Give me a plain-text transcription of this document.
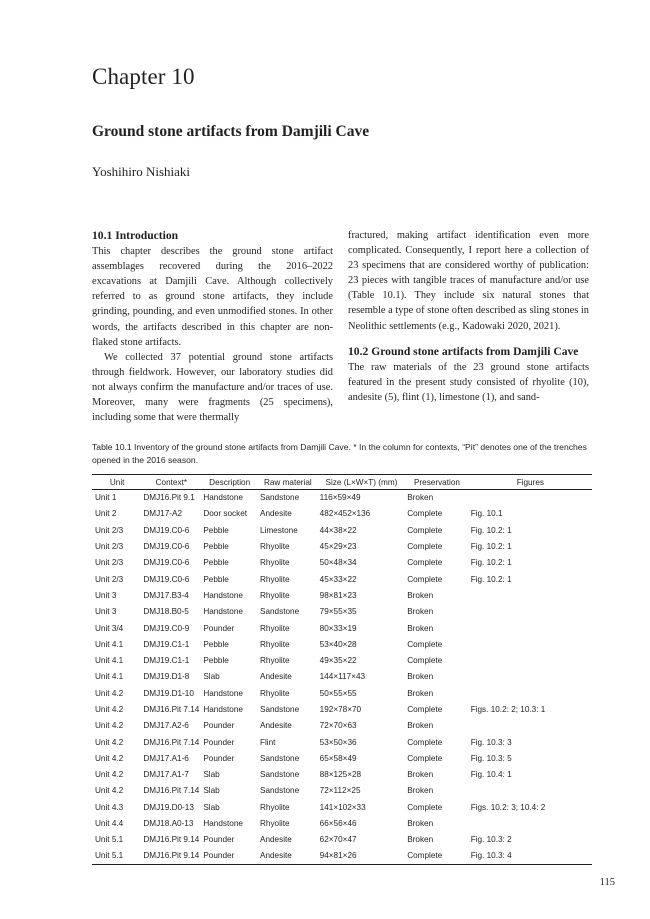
Chapter 10
Ground stone artifacts from Damjili Cave
Yoshihiro Nishiaki
10.1 Introduction

This chapter describes the ground stone artifact assemblages recovered during the 2016–2022 excavations at Damjili Cave. Although collectively referred to as ground stone artifacts, they include grinding, pounding, and even unmodified stones. In other words, the artifacts described in this chapter are non-flaked stone artifacts.

We collected 37 potential ground stone artifacts through fieldwork. However, our laboratory studies did not always confirm the manufacture and/or traces of use. Moreover, many were fragments (25 specimens), including some that were thermally

fractured, making artifact identification even more complicated. Consequently, I report here a collection of 23 specimens that are considered worthy of publication: 23 pieces with tangible traces of manufacture and/or use (Table 10.1). They include six natural stones that resemble a type of stone often described as sling stones in Neolithic settlements (e.g., Kadowaki 2020, 2021).

10.2 Ground stone artifacts from Damjili Cave

The raw materials of the 23 ground stone artifacts featured in the present study consisted of rhyolite (10), andesite (5), flint (1), limestone (1), and sand-

Table 10.1 Inventory of the ground stone artifacts from Damjili Cave. * In the column for contexts, “Pit” denotes one of the trenches opened in the 2016 season.
Unit	Context*	Description	Raw material	Size (L×W×T) (mm)	Preservation	Figures
Unit 1	DMJ16.Pit 9.1	Handstone	Sandstone	116×59×49	Broken	
Unit 2	DMJ17-A2	Door socket	Andesite	482×452×136	Complete	Fig. 10.1
Unit 2/3	DMJ19.C0-6	Pebble	Limestone	44×38×22	Complete	Fig. 10.2: 1
Unit 2/3	DMJ19.C0-6	Pebble	Rhyolite	45×29×23	Complete	Fig. 10.2: 1
Unit 2/3	DMJ19.C0-6	Pebble	Rhyolite	50×48×34	Complete	Fig. 10.2: 1
Unit 2/3	DMJ19.C0-6	Pebble	Rhyolite	45×33×22	Complete	Fig. 10.2: 1
Unit 3	DMJ17.B3-4	Handstone	Rhyolite	98×81×23	Broken	
Unit 3	DMJ18.B0-5	Handstone	Sandstone	79×55×35	Broken	
Unit 3/4	DMJ19.C0-9	Pounder	Rhyolite	80×33×19	Broken	
Unit 4.1	DMJ19.C1-1	Pebble	Rhyolite	53×40×28	Complete	
Unit 4.1	DMJ19.C1-1	Pebble	Rhyolite	49×35×22	Complete	
Unit 4.1	DMJ19.D1-8	Slab	Andesite	144×117×43	Broken	
Unit 4.2	DMJ19.D1-10	Handstone	Rhyolite	50×55×55	Broken	
Unit 4.2	DMJ16.Pit 7.14	Handstone	Sandstone	192×78×70	Complete	Figs. 10.2: 2; 10.3: 1
Unit 4.2	DMJ17.A2-6	Pounder	Andesite	72×70×63	Broken	
Unit 4.2	DMJ16.Pit 7.14	Pounder	Flint	53×50×36	Complete	Fig. 10.3: 3
Unit 4.2	DMJ17.A1-6	Pounder	Sandstone	65×58×49	Complete	Fig. 10.3: 5
Unit 4.2	DMJ17.A1-7	Slab	Sandstone	88×125×28	Broken	Fig. 10.4: 1
Unit 4.2	DMJ16.Pit 7.14	Slab	Sandstone	72×112×25	Broken	
Unit 4.3	DMJ19.D0-13	Slab	Rhyolite	141×102×33	Complete	Figs. 10.2: 3; 10.4: 2
Unit 4.4	DMJ18.A0-13	Handstone	Rhyolite	66×56×46	Broken	
Unit 5.1	DMJ16.Pit 9.14	Pounder	Andesite	62×70×47	Broken	Fig. 10.3: 2
Unit 5.1	DMJ16.Pit 9.14	Pounder	Andesite	94×81×26	Complete	Fig. 10.3: 4
115
